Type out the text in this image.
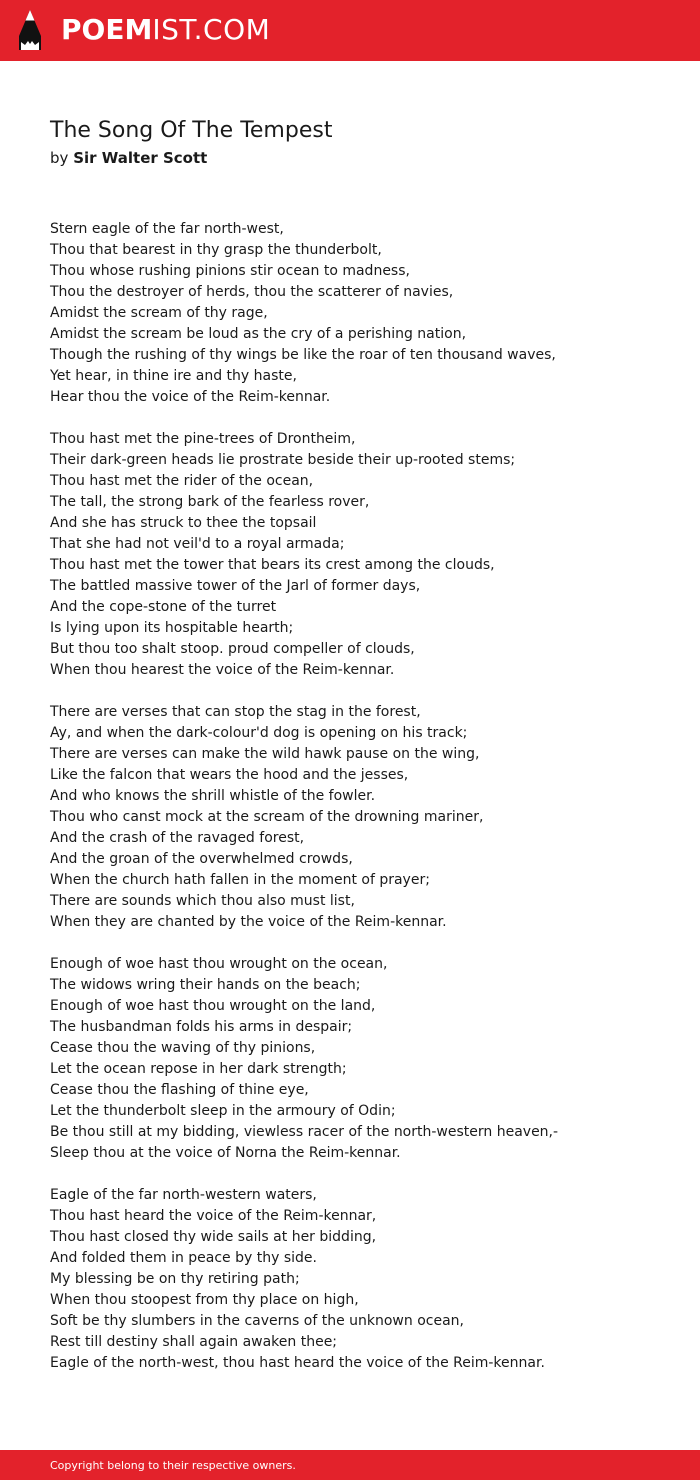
POEMIST.COM
The Song Of The Tempest
by Sir Walter Scott
Stern eagle of the far north-west,
Thou that bearest in thy grasp the thunderbolt,
Thou whose rushing pinions stir ocean to madness,
Thou the destroyer of herds, thou the scatterer of navies,
Amidst the scream of thy rage,
Amidst the scream be loud as the cry of a perishing nation,
Though the rushing of thy wings be like the roar of ten thousand waves,
Yet hear, in thine ire and thy haste,
Hear thou the voice of the Reim-kennar.
Thou hast met the pine-trees of Drontheim,
Their dark-green heads lie prostrate beside their up-rooted stems;
Thou hast met the rider of the ocean,
The tall, the strong bark of the fearless rover,
And she has struck to thee the topsail
That she had not veil'd to a royal armada;
Thou hast met the tower that bears its crest among the clouds,
The battled massive tower of the Jarl of former days,
And the cope-stone of the turret
Is lying upon its hospitable hearth;
But thou too shalt stoop. proud compeller of clouds,
When thou hearest the voice of the Reim-kennar.
There are verses that can stop the stag in the forest,
Ay, and when the dark-colour'd dog is opening on his track;
There are verses can make the wild hawk pause on the wing,
Like the falcon that wears the hood and the jesses,
And who knows the shrill whistle of the fowler.
Thou who canst mock at the scream of the drowning mariner,
And the crash of the ravaged forest,
And the groan of the overwhelmed crowds,
When the church hath fallen in the moment of prayer;
There are sounds which thou also must list,
When they are chanted by the voice of the Reim-kennar.
Enough of woe hast thou wrought on the ocean,
The widows wring their hands on the beach;
Enough of woe hast thou wrought on the land,
The husbandman folds his arms in despair;
Cease thou the waving of thy pinions,
Let the ocean repose in her dark strength;
Cease thou the flashing of thine eye,
Let the thunderbolt sleep in the armoury of Odin;
Be thou still at my bidding, viewless racer of the north-western heaven,-
Sleep thou at the voice of Norna the Reim-kennar.
Eagle of the far north-western waters,
Thou hast heard the voice of the Reim-kennar,
Thou hast closed thy wide sails at her bidding,
And folded them in peace by thy side.
My blessing be on thy retiring path;
When thou stoopest from thy place on high,
Soft be thy slumbers in the caverns of the unknown ocean,
Rest till destiny shall again awaken thee;
Eagle of the north-west, thou hast heard the voice of the Reim-kennar.
Copyright belong to their respective owners.
